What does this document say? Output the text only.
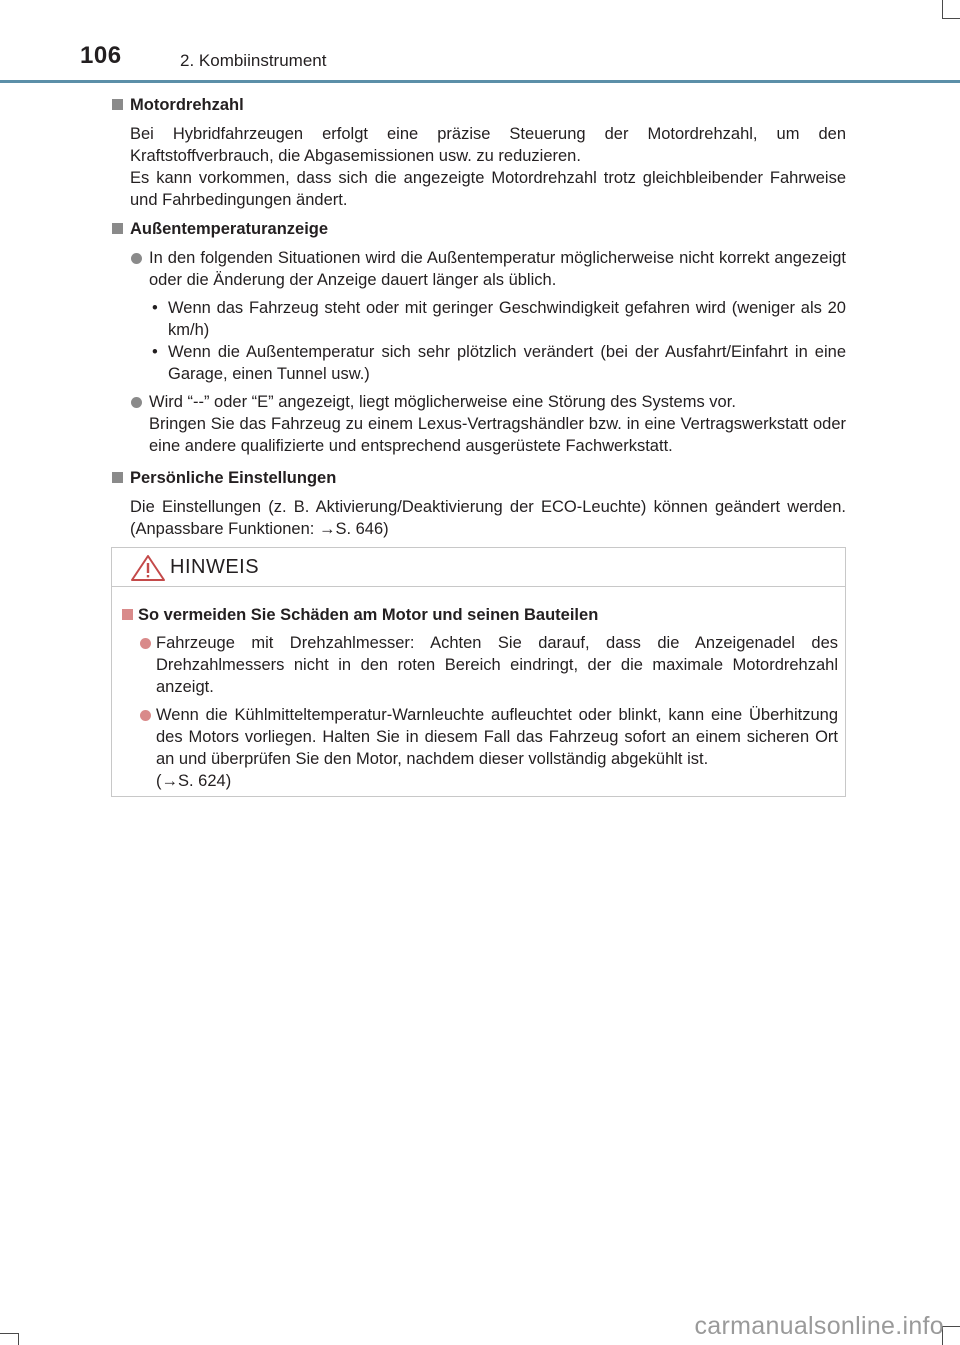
106	2. Kombiinstrument
Motordrehzahl

Bei Hybridfahrzeugen erfolgt eine präzise Steuerung der Motordrehzahl, um den Kraftstoffverbrauch, die Abgasemissionen usw. zu reduzieren.

Es kann vorkommen, dass sich die angezeigte Motordrehzahl trotz gleichbleibender Fahrweise und Fahrbedingungen ändert.

Außentemperaturanzeige

In den folgenden Situationen wird die Außentemperatur möglicherweise nicht korrekt angezeigt oder die Änderung der Anzeige dauert länger als üblich.

• Wenn das Fahrzeug steht oder mit geringer Geschwindigkeit gefahren wird (weniger als 20 km/h)
• Wenn die Außentemperatur sich sehr plötzlich verändert (bei der Ausfahrt/Einfahrt in eine Garage, einen Tunnel usw.)

Wird “--” oder “E” angezeigt, liegt möglicherweise eine Störung des Systems vor.

Bringen Sie das Fahrzeug zu einem Lexus-Vertragshändler bzw. in eine Vertragswerkstatt oder eine andere qualifizierte und entsprechend ausgerüstete Fachwerkstatt.

Persönliche Einstellungen

Die Einstellungen (z. B. Aktivierung/Deaktivierung der ECO-Leuchte) können geändert werden. (Anpassbare Funktionen: →S. 646)

HINWEIS
So vermeiden Sie Schäden am Motor und seinen Bauteilen

Fahrzeuge mit Drehzahlmesser: Achten Sie darauf, dass die Anzeigenadel des Drehzahlmessers nicht in den roten Bereich eindringt, der die maximale Motordrehzahl anzeigt.

Wenn die Kühlmitteltemperatur-Warnleuchte aufleuchtet oder blinkt, kann eine Überhitzung des Motors vorliegen. Halten Sie in diesem Fall das Fahrzeug sofort an einem sicheren Ort an und überprüfen Sie den Motor, nachdem dieser vollständig abgekühlt ist.

(→S. 624)

carmanualsonline.info
